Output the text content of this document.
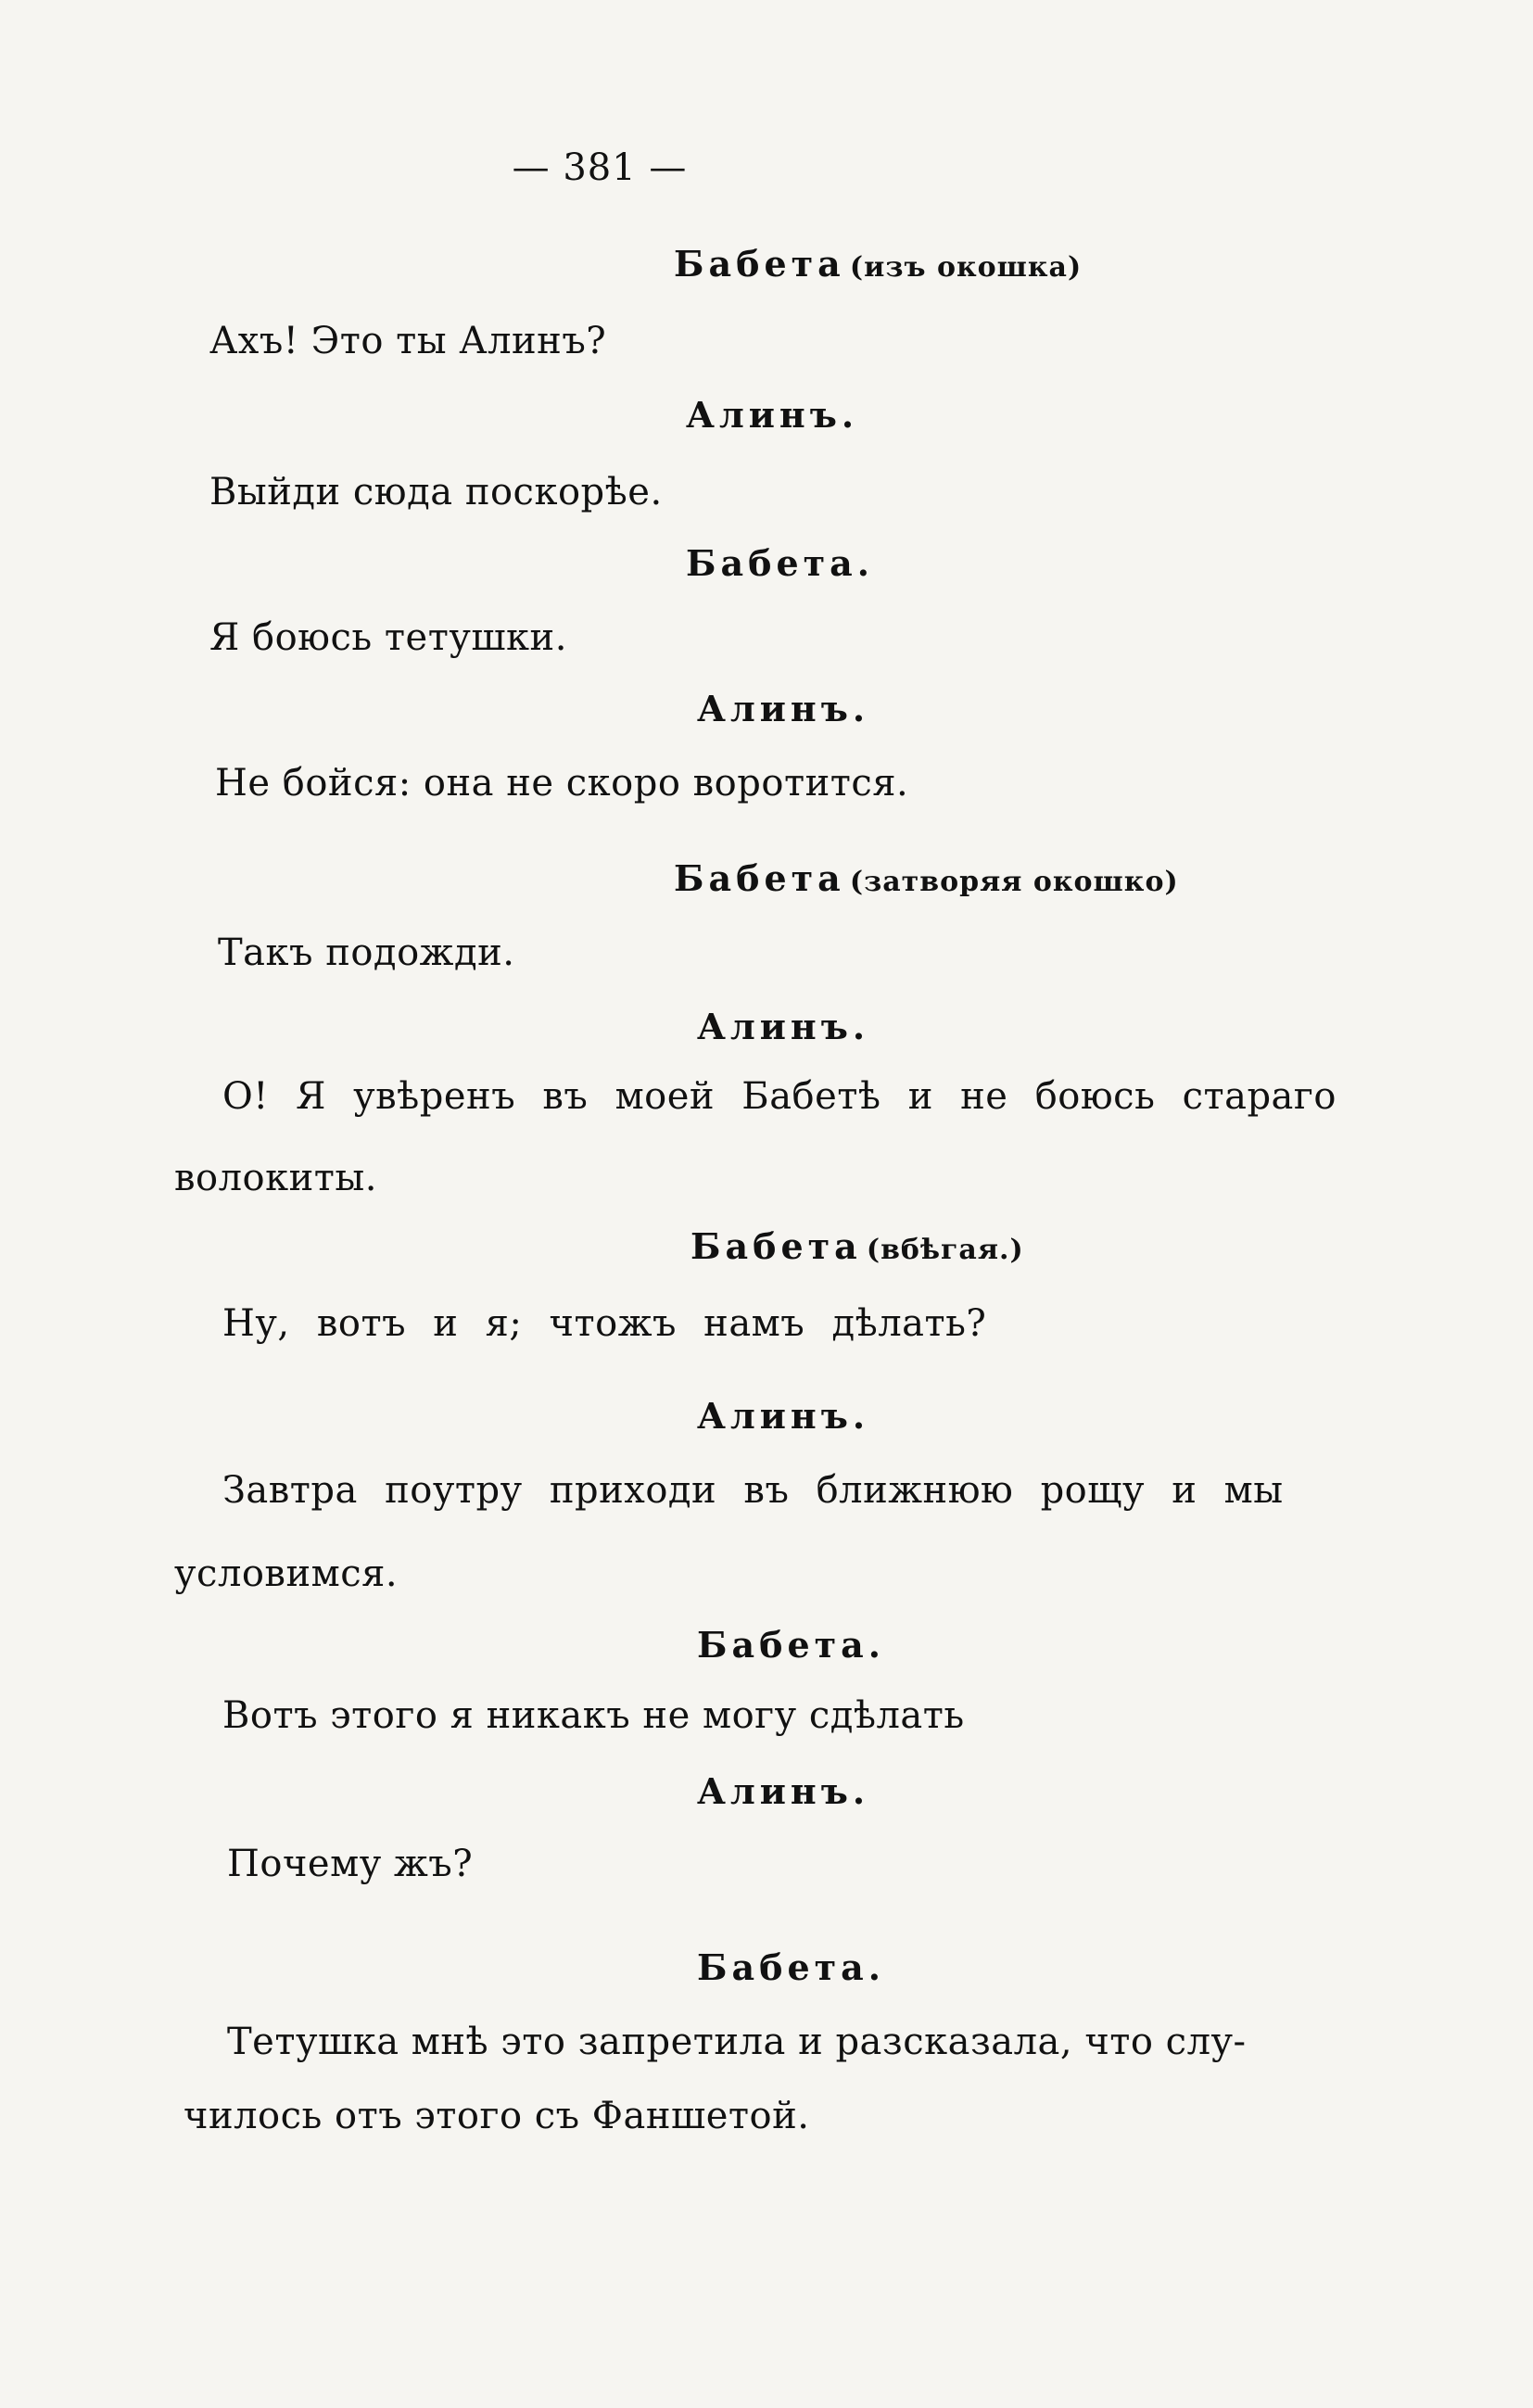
— 381 —
Бабета (изъ окошка)
Ахъ! Это ты Алинъ?
Алинъ.
Выйди сюда поскорѣе.
Бабета.
Я боюсь тетушки.
Алинъ.
Не бойся: она не скоро воротится.
Бабета (затворяя окошко)
Такъ подожди.
Алинъ.
О! Я увѣренъ въ моей Бабетѣ и не боюсь стараго
волокиты.
Бабета (вбѣгая.)
Ну, вотъ и я; чтожъ намъ дѣлать?
Алинъ.
Завтра поутру приходи въ ближнюю рощу и мы
условимся.
Бабета.
Вотъ этого я никакъ не могу сдѣлать
Алинъ.
Почему жъ?
Бабета.
Тетушка мнѣ это запретила и разсказала, что слу-
чилось отъ этого съ Фаншетой.
